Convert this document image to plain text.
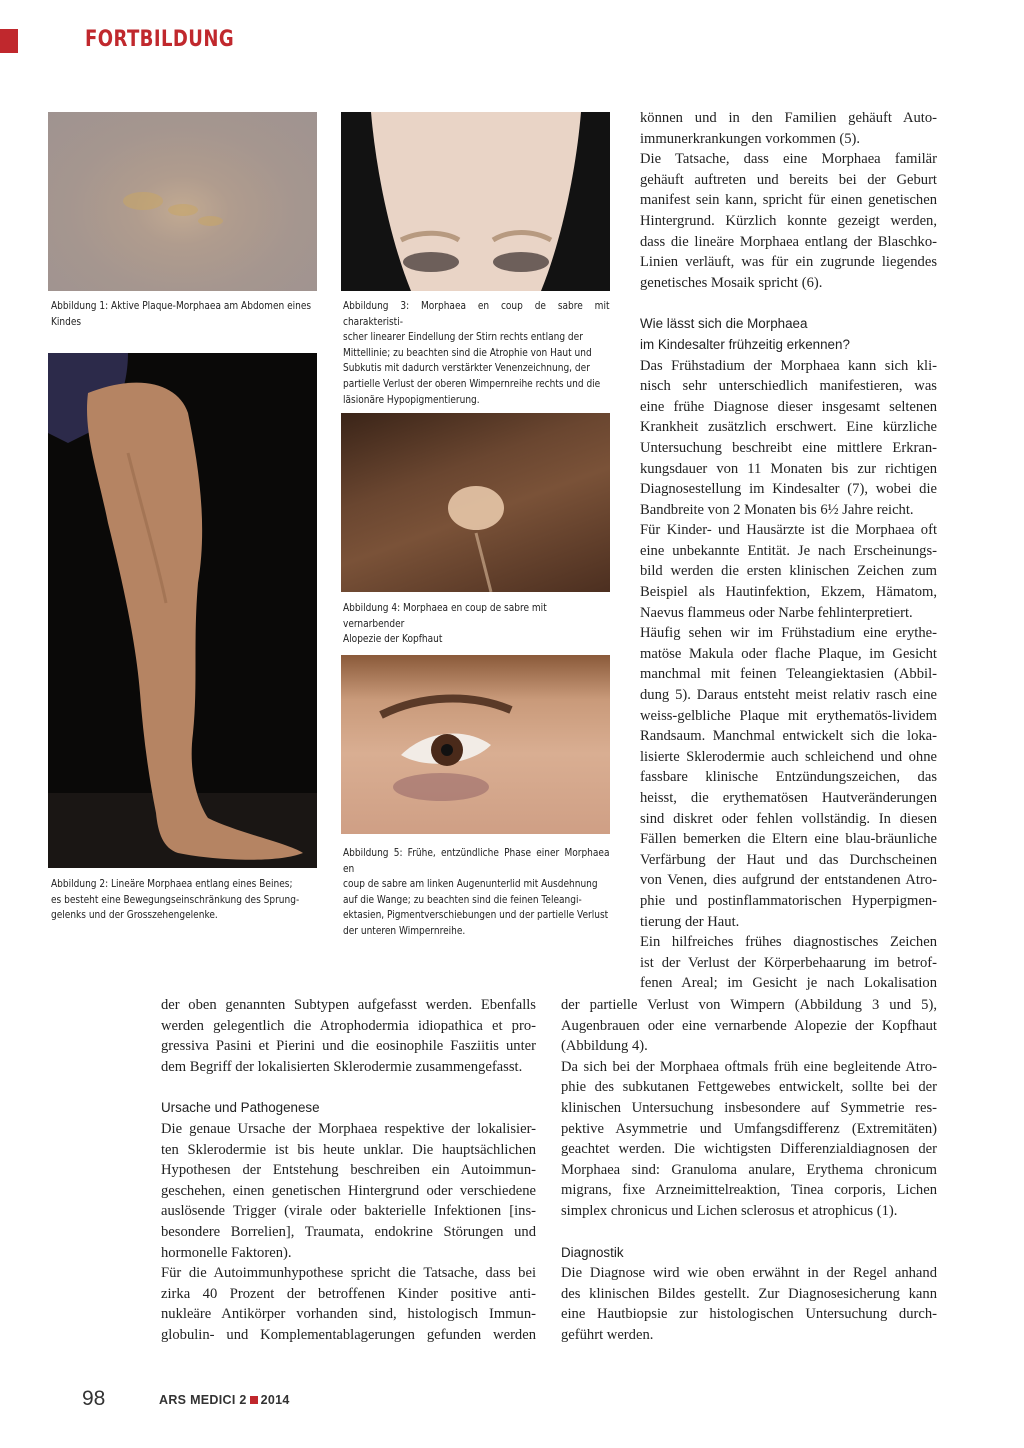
FORTBILDUNG
Abbildung 1: Aktive Plaque-Morphaea am Abdomen eines Kindes
Abbildung 2: Lineäre Morphaea entlang eines Beines;
es besteht eine Bewegungseinschränkung des Sprung-
gelenks und der Grosszehengelenke.
Abbildung 3: Morphaea en coup de sabre mit charakteristi-
scher linearer Eindellung der Stirn rechts entlang der
Mittellinie; zu beachten sind die Atrophie von Haut und
Subkutis mit dadurch verstärkter Venenzeichnung, der
partielle Verlust der oberen Wimpernreihe rechts und die
läsionäre Hypopigmentierung.
Abbildung 4: Morphaea en coup de sabre mit vernarbender
Alopezie der Kopfhaut
Abbildung 5: Frühe, entzündliche Phase einer Morphaea en
coup de sabre am linken Augenunterlid mit Ausdehnung
auf die Wange; zu beachten sind die feinen Teleangi-
ektasien, Pigmentverschiebungen und der partielle Verlust
der unteren Wimpernreihe.
können und in den Familien gehäuft Auto-
immunerkrankungen vorkommen (5).
Die Tatsache, dass eine Morphaea familär
gehäuft auftreten und bereits bei der Geburt
manifest sein kann, spricht für einen genetischen
Hintergrund. Kürzlich konnte gezeigt werden,
dass die lineäre Morphaea entlang der Blaschko-
Linien verläuft, was für ein zugrunde liegendes
genetisches Mosaik spricht (6).
Wie lässt sich die Morphaea
im Kindesalter frühzeitig erkennen?
Das Frühstadium der Morphaea kann sich kli-
nisch sehr unterschiedlich manifestieren, was
eine frühe Diagnose dieser insgesamt seltenen
Krankheit zusätzlich erschwert. Eine kürzliche
Untersuchung beschreibt eine mittlere Erkran-
kungsdauer von 11 Monaten bis zur richtigen
Diagnosestellung im Kindesalter (7), wobei die
Bandbreite von 2 Monaten bis 6½ Jahre reicht.
Für Kinder- und Hausärzte ist die Morphaea oft
eine unbekannte Entität. Je nach Erscheinungs-
bild werden die ersten klinischen Zeichen zum
Beispiel als Hautinfektion, Ekzem, Hämatom,
Naevus flammeus oder Narbe fehlinterpretiert.
Häufig sehen wir im Frühstadium eine erythe-
matöse Makula oder flache Plaque, im Gesicht
manchmal mit feinen Teleangiektasien (Abbil-
dung 5). Daraus entsteht meist relativ rasch eine
weiss-gelbliche Plaque mit erythematös-lividem
Randsaum. Manchmal entwickelt sich die loka-
lisierte Sklerodermie auch schleichend und ohne
fassbare klinische Entzündungszeichen, das
heisst, die erythematösen Hautveränderungen
sind diskret oder fehlen vollständig. In diesen
Fällen bemerken die Eltern eine blau-bräunliche
Verfärbung der Haut und das Durchscheinen
von Venen, dies aufgrund der entstandenen Atro-
phie und postinflammatorischen Hyperpigmen-
tierung der Haut.
Ein hilfreiches frühes diagnostisches Zeichen
ist der Verlust der Körperbehaarung im betrof-
fenen Areal; im Gesicht je nach Lokalisation
der oben genannten Subtypen aufgefasst werden. Ebenfalls
werden gelegentlich die Atrophodermia idiopathica et pro-
gressiva Pasini et Pierini und die eosinophile Fasziitis unter
dem Begriff der lokalisierten Sklerodermie zusammengefasst.
Ursache und Pathogenese
Die genaue Ursache der Morphaea respektive der lokalisier-
ten Sklerodermie ist bis heute unklar. Die hauptsächlichen
Hypothesen der Entstehung beschreiben ein Autoimmun-
geschehen, einen genetischen Hintergrund oder verschiedene
auslösende Trigger (virale oder bakterielle Infektionen [ins-
besondere Borrelien], Traumata, endokrine Störungen und
hormonelle Faktoren).
Für die Autoimmunhypothese spricht die Tatsache, dass bei
zirka 40 Prozent der betroffenen Kinder positive anti-
nukleäre Antikörper vorhanden sind, histologisch Immun-
globulin- und Komplementablagerungen gefunden werden
der partielle Verlust von Wimpern (Abbildung 3 und 5),
Augenbrauen oder eine vernarbende Alopezie der Kopfhaut
(Abbildung 4).
Da sich bei der Morphaea oftmals früh eine begleitende Atro-
phie des subkutanen Fettgewebes entwickelt, sollte bei der
klinischen Untersuchung insbesondere auf Symmetrie res-
pektive Asymmetrie und Umfangsdifferenz (Extremitäten)
geachtet werden. Die wichtigsten Differenzialdiagnosen der
Morphaea sind: Granuloma anulare, Erythema chronicum
migrans, fixe Arzneimittelreaktion, Tinea corporis, Lichen
simplex chronicus und Lichen sclerosus et atrophicus (1).
Diagnostik
Die Diagnose wird wie oben erwähnt in der Regel anhand
des klinischen Bildes gestellt. Zur Diagnosesicherung kann
eine Hautbiopsie zur histologischen Untersuchung durch-
geführt werden.
98	ARS MEDICI 2 2014
